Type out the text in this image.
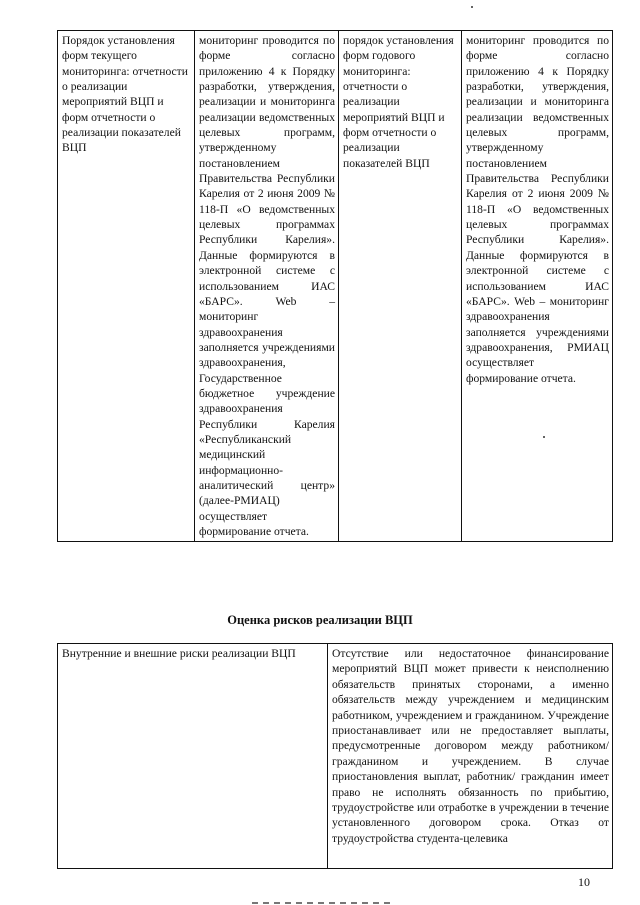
Порядок установления форм текущего мониторинга: отчетности о реализации мероприятий ВЦП и форм отчетности о реализации показателей ВЦП	мониторинг проводится по форме согласно приложению 4 к Порядку разработки, утверждения, реализации и мониторинга реализации ведомственных целевых программ, утвержденному постановлением Правительства Республики Карелия от 2 июня 2009 № 118-П «О ведомственных целевых программах Республики Карелия». Данные формируются в электронной системе с использованием ИАС «БАРС». Web – мониторинг здравоохранения заполняется учреждениями здравоохранения, Государственное бюджетное учреждение здравоохранения Республики Карелия «Республиканский медицинский информационно-аналитический центр» (далее-РМИАЦ) осуществляет формирование отчета.	порядок установления форм годового мониторинга: отчетности о реализации мероприятий ВЦП и форм отчетности о реализации показателей ВЦП	мониторинг проводится по форме согласно приложению 4 к Порядку разработки, утверждения, реализации и мониторинга реализации ведомственных целевых программ, утвержденному постановлением Правительства Республики Карелия от 2 июня 2009 № 118-П «О ведомственных целевых программах Республики Карелия». Данные формируются в электронной системе с использованием ИАС «БАРС». Web – мониторинг здравоохранения заполняется учреждениями здравоохранения, РМИАЦ осуществляет формирование отчета.
Оценка рисков реализации ВЦП
Внутренние и внешние риски реализации ВЦП	Отсутствие или недостаточное финансирование мероприятий ВЦП может привести к неисполнению обязательств принятых сторонами, а именно обязательств между учреждением и медицинским работником, учреждением и гражданином. Учреждение приостанавливает или не предоставляет выплаты, предусмотренные договором между работником/гражданином и учреждением. В случае приостановления выплат, работник/ гражданин имеет право не исполнять обязанность по прибытию, трудоустройстве или отработке в учреждении в течение установленного договором срока. Отказ от трудоустройства студента-целевика
10
